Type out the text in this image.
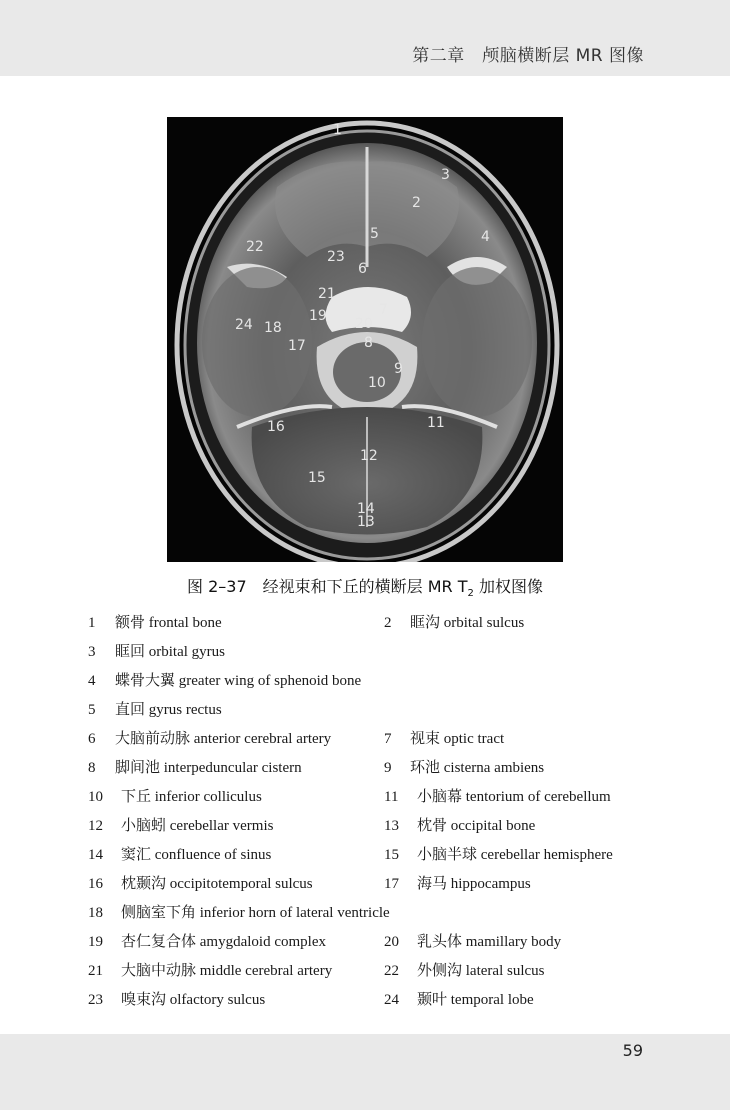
第二章　颅脑横断层 MR 图像
1
2
3
4
5
6
7
8
9
10
11
12
13
14
15
16
17
18
19 20
21
22
23
24
图 2–37　经视束和下丘的横断层 MR $T_2$ 加权图像
1 额骨 frontal bone	2 眶沟 orbital sulcus
3 眶回 orbital gyrus
4 蝶骨大翼 greater wing of sphenoid bone
5 直回 gyrus rectus
6 大脑前动脉 anterior cerebral artery	7 视束 optic tract
8 脚间池 interpeduncular cistern	9 环池 cisterna ambiens
10 下丘 inferior colliculus	11 小脑幕 tentorium of cerebellum
12 小脑蚓 cerebellar vermis	13 枕骨 occipital bone
14 窦汇 confluence of sinus	15 小脑半球 cerebellar hemisphere
16 枕颞沟 occipitotemporal sulcus	17 海马 hippocampus
18 侧脑室下角 inferior horn of lateral ventricle
19 杏仁复合体 amygdaloid complex	20 乳头体 mamillary body
21 大脑中动脉 middle cerebral artery	22 外侧沟 lateral sulcus
23 嗅束沟 olfactory sulcus	24 颞叶 temporal lobe
59
